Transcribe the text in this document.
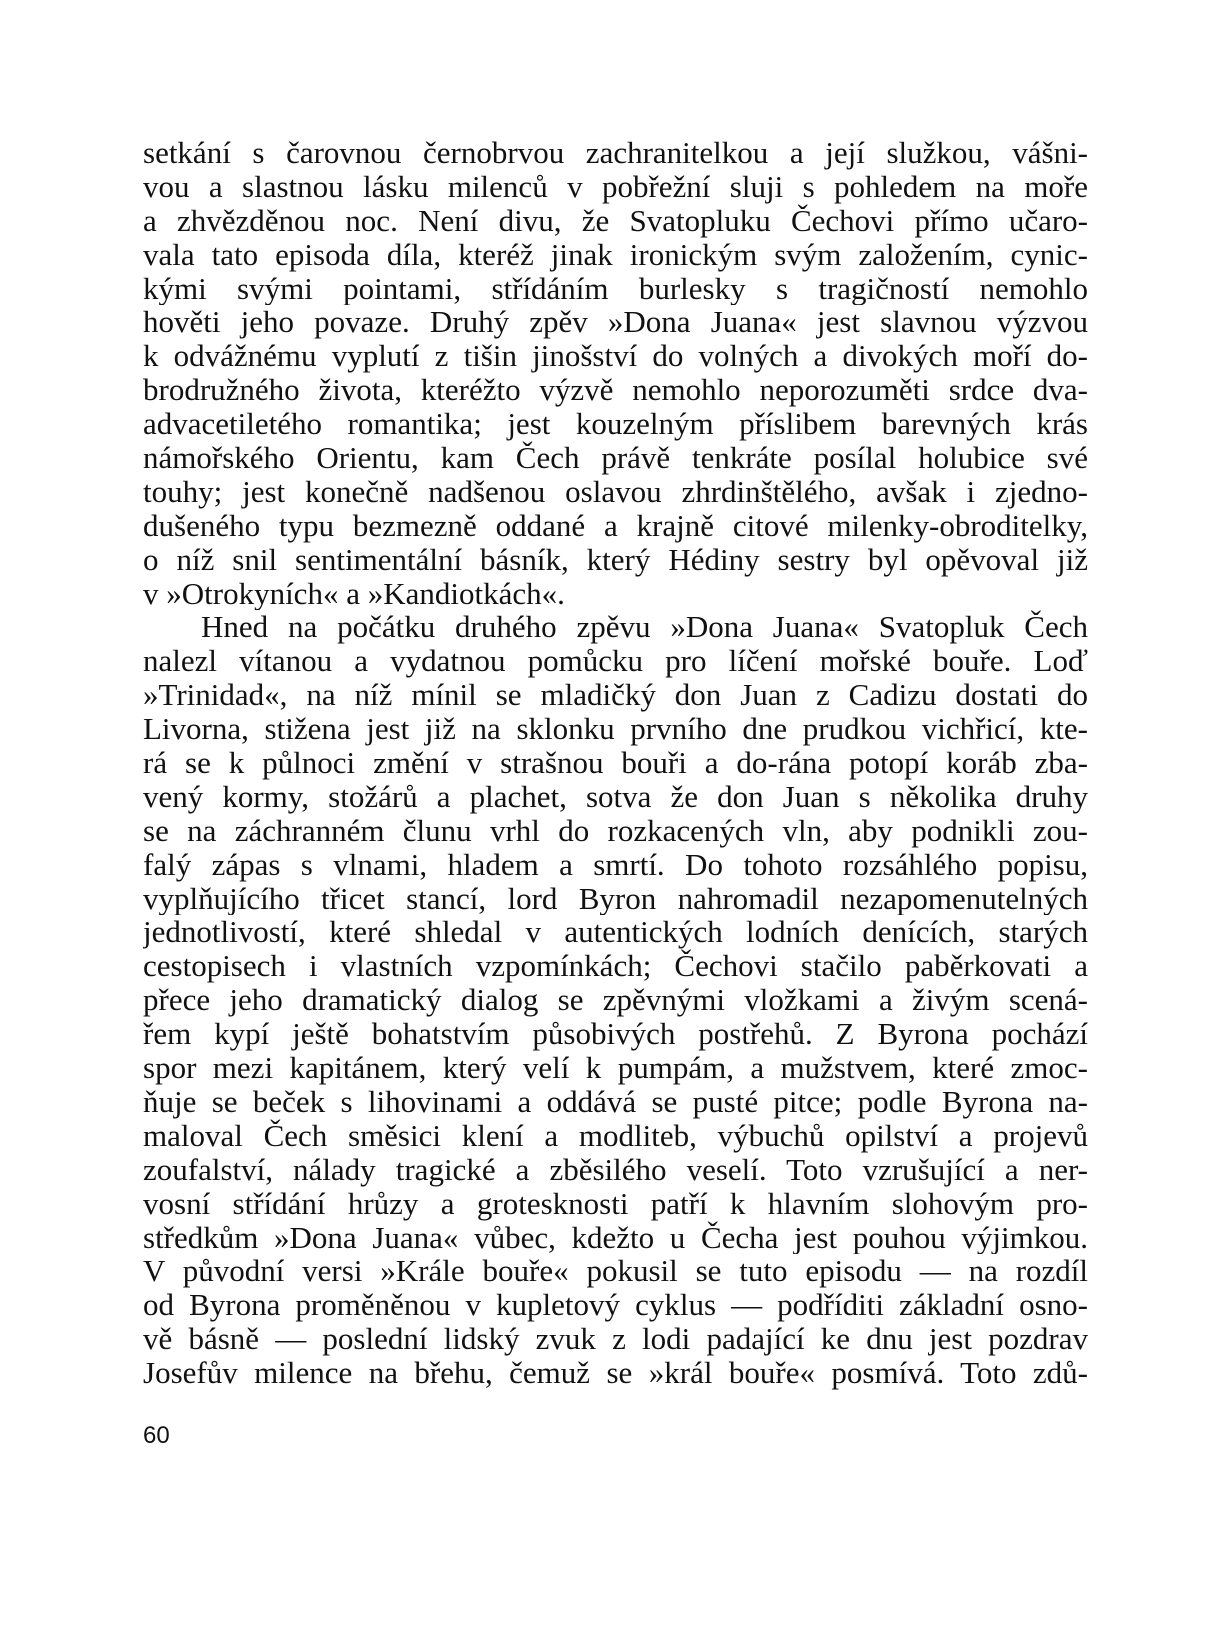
setkání s čarovnou černobrvou zachranitelkou a její služkou, vášni-
vou a slastnou lásku milenců v pobřežní sluji s pohledem na moře
a zhvězděnou noc. Není divu, že Svatopluku Čechovi přímo učaro-
vala tato episoda díla, kteréž jinak ironickým svým založením, cynic-
kými svými pointami, střídáním burlesky s tragičností nemohlo
hověti jeho povaze. Druhý zpěv »Dona Juana« jest slavnou výzvou
k odvážnému vyplutí z tišin jinošství do volných a divokých moří do-
brodružného života, kteréžto výzvě nemohlo neporozuměti srdce dva-
advacetiletého romantika; jest kouzelným příslibem barevných krás
námořského Orientu, kam Čech právě tenkráte posílal holubice své
touhy; jest konečně nadšenou oslavou zhrdinštělého, avšak i zjedno-
dušeného typu bezmezně oddané a krajně citové milenky-obroditelky,
o níž snil sentimentální básník, který Hédiny sestry byl opěvoval již
v »Otrokyních« a »Kandiotkách«.
Hned na počátku druhého zpěvu »Dona Juana« Svatopluk Čech
nalezl vítanou a vydatnou pomůcku pro líčení mořské bouře. Loď
»Trinidad«, na níž mínil se mladičký don Juan z Cadizu dostati do
Livorna, stižena jest již na sklonku prvního dne prudkou vichřicí, kte-
rá se k půlnoci změní v strašnou bouři a do-rána potopí koráb zba-
vený kormy, stožárů a plachet, sotva že don Juan s několika druhy
se na záchranném člunu vrhl do rozkacených vln, aby podnikli zou-
falý zápas s vlnami, hladem a smrtí. Do tohoto rozsáhlého popisu,
vyplňujícího třicet stancí, lord Byron nahromadil nezapomenutelných
jednotlivostí, které shledal v autentických lodních denících, starých
cestopisech i vlastních vzpomínkách; Čechovi stačilo paběrkovati a
přece jeho dramatický dialog se zpěvnými vložkami a živým scená-
řem kypí ještě bohatstvím působivých postřehů. Z Byrona pochází
spor mezi kapitánem, který velí k pumpám, a mužstvem, které zmoc-
ňuje se beček s lihovinami a oddává se pusté pitce; podle Byrona na-
maloval Čech směsici klení a modliteb, výbuchů opilství a projevů
zoufalství, nálady tragické a zběsilého veselí. Toto vzrušující a ner-
vosní střídání hrůzy a grotesknosti patří k hlavním slohovým pro-
středkům »Dona Juana« vůbec, kdežto u Čecha jest pouhou výjimkou.
V původní versi »Krále bouře« pokusil se tuto episodu — na rozdíl
od Byrona proměněnou v kupletový cyklus — podříditi základní osno-
vě básně — poslední lidský zvuk z lodi padající ke dnu jest pozdrav
Josefův milence na břehu, čemuž se »král bouře« posmívá. Toto zdů-
60
